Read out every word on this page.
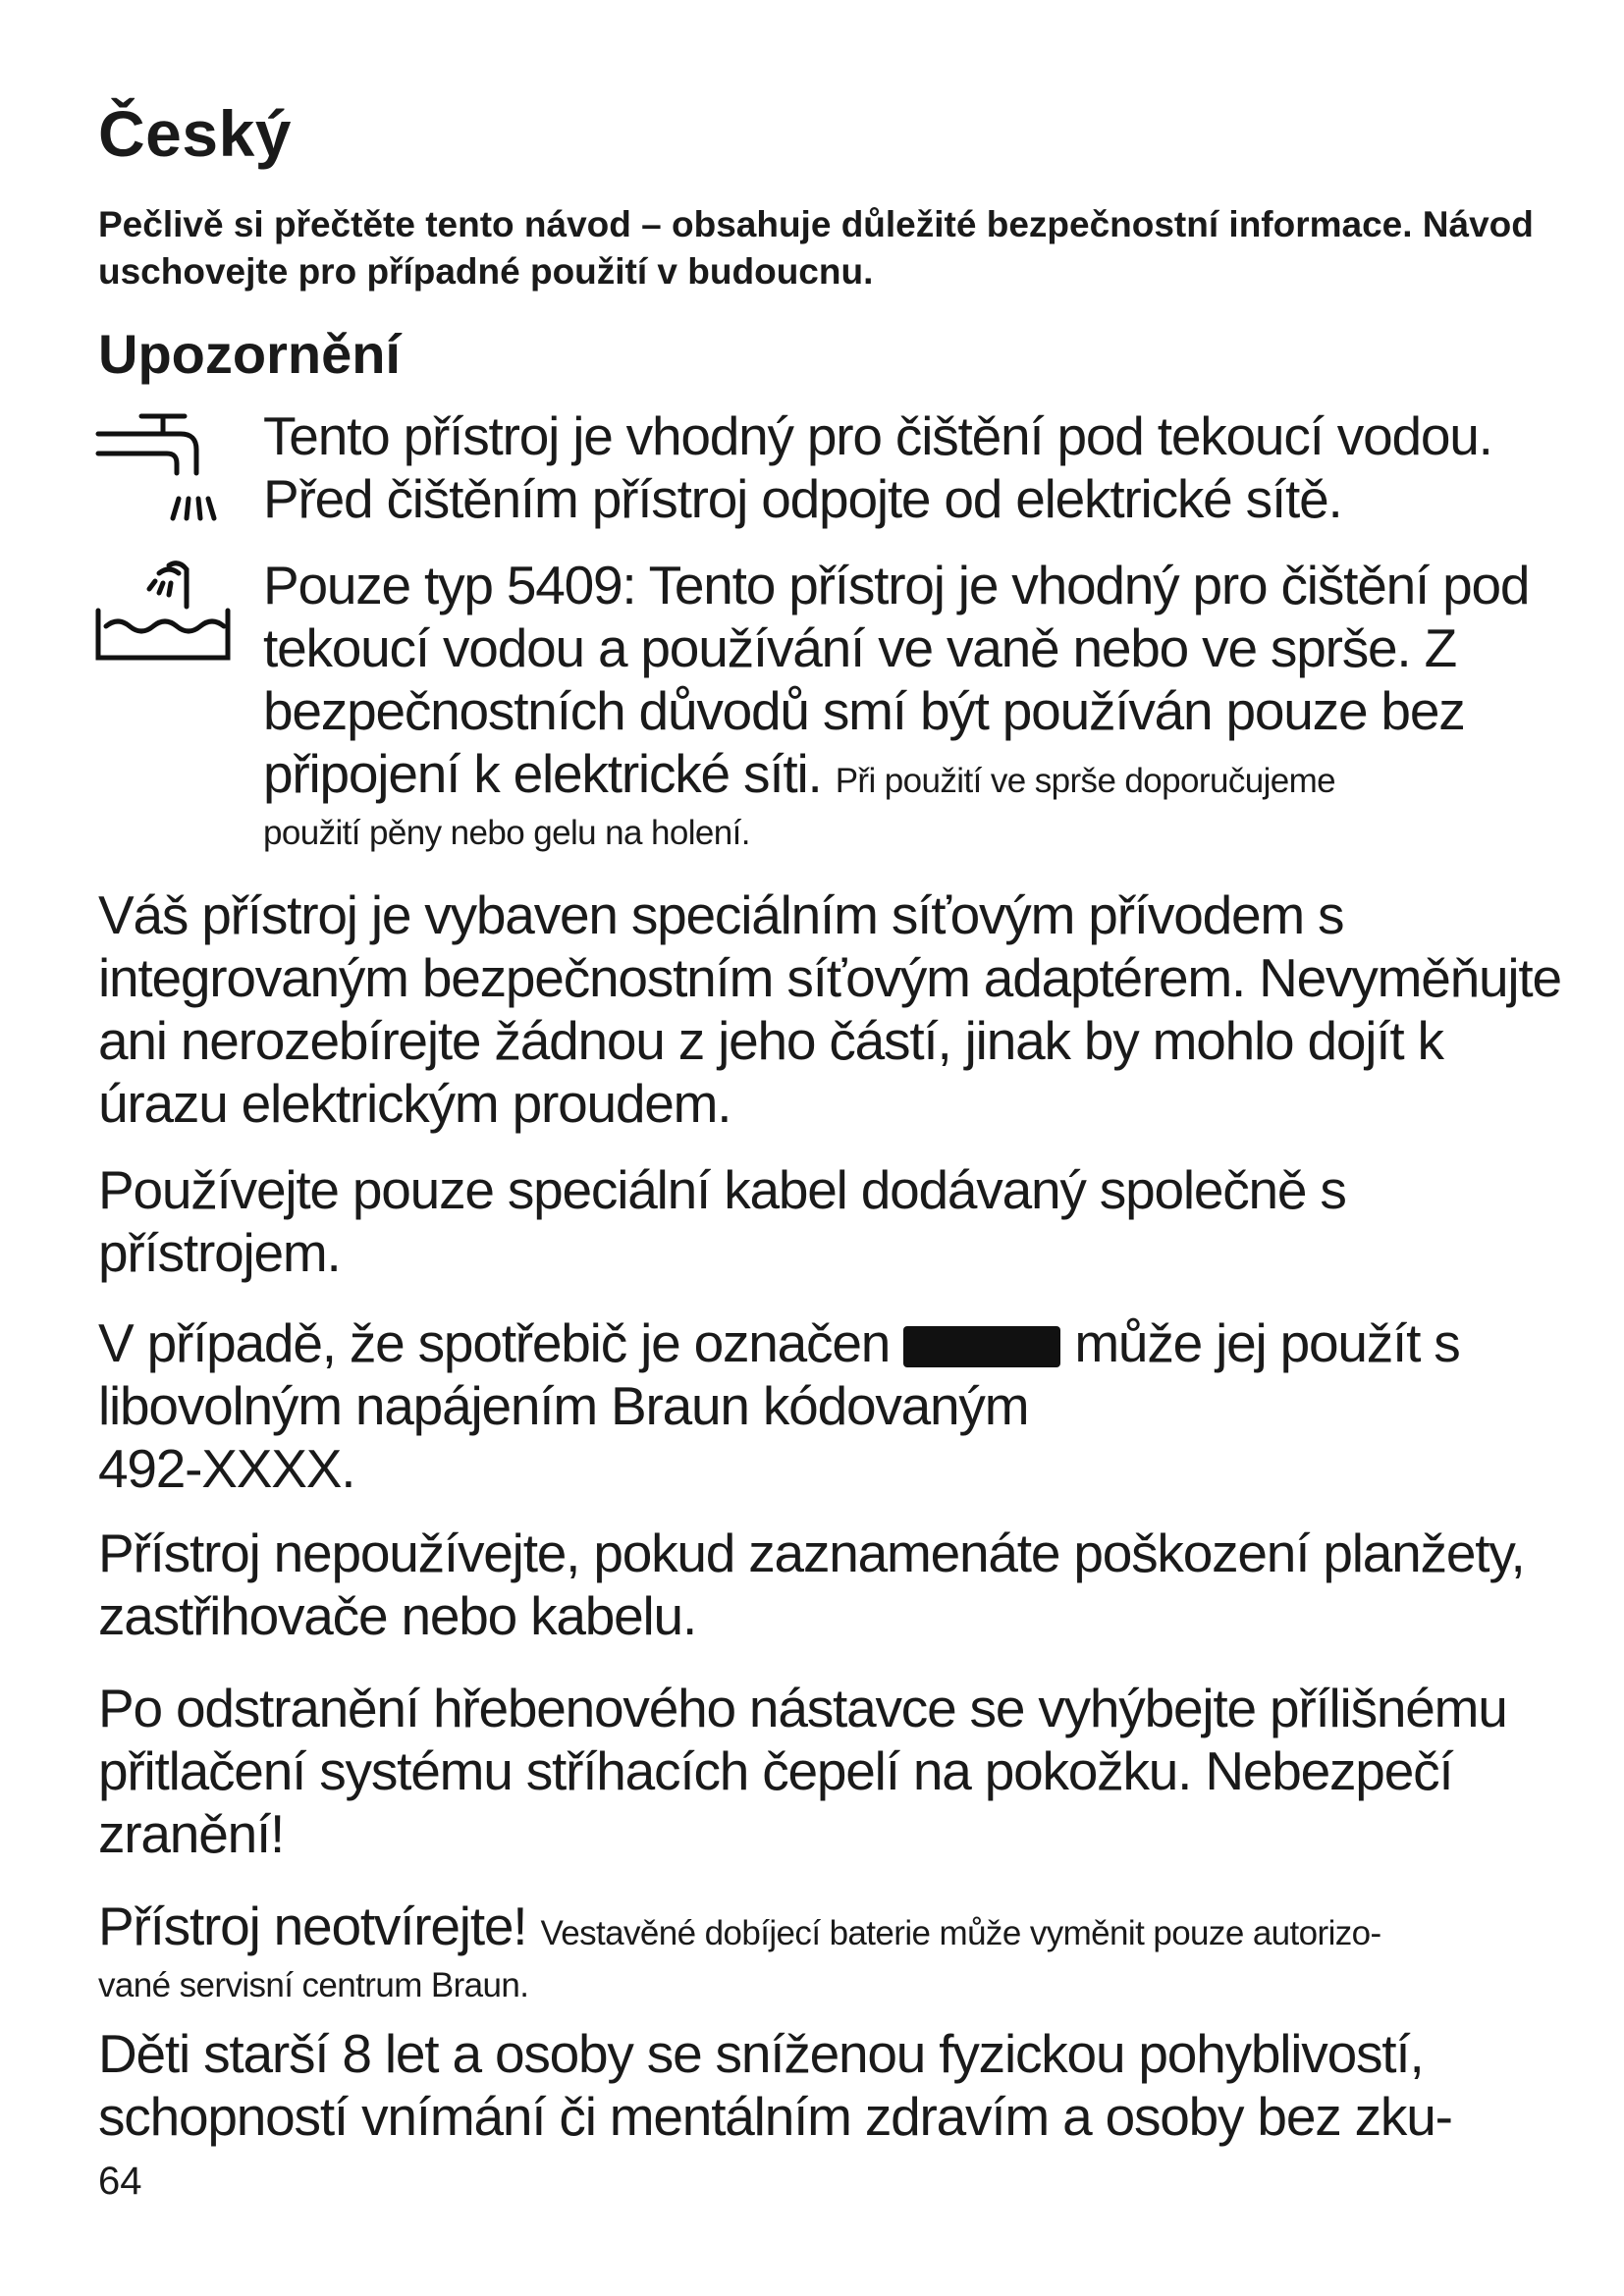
Český

Pečlivě si přečtěte tento návod – obsahuje důležité bezpečnostní informace. Návod uschovejte pro případné použití v budoucnu.

Upozornění

Tento přístroj je vhodný pro čištění pod tekoucí vodou.
Před čištěním přístroj odpojte od elektrické sítě.

Pouze typ 5409: Tento přístroj je vhodný pro čištění pod tekoucí vodou a používání ve vaně nebo ve sprše. Z bezpečnostních důvodů smí být používán pouze bez připojení k elektrické síti. Při použití ve sprše doporučujeme
použití pěny nebo gelu na holení.

Váš přístroj je vybaven speciálním síťovým přívodem s integrovaným bezpečnostním síťovým adaptérem. Nevyměňujte ani nerozebírejte žádnou z jeho částí, jinak by mohlo dojít k úrazu elektrickým proudem.

Používejte pouze speciální kabel dodávaný společně s přístrojem.

V případě, že spotřebič je označen	může jej použít s libovolným napájením Braun kódovaným
492-XXXX.

Přístroj nepoužívejte, pokud zaznamenáte poškození planžety, zastřihovače nebo kabelu.

Po odstranění hřebenového nástavce se vyhýbejte přílišnému přitlačení systému stříhacích čepelí na pokožku. Nebezpečí zranění!

Přístroj neotvírejte! Vestavěné dobíjecí baterie může vyměnit pouze autorizo-
vané servisní centrum Braun.

Děti starší 8 let a osoby se sníženou fyzickou pohyblivostí, schopností vnímání či mentálním zdravím a osoby bez zku-

64
